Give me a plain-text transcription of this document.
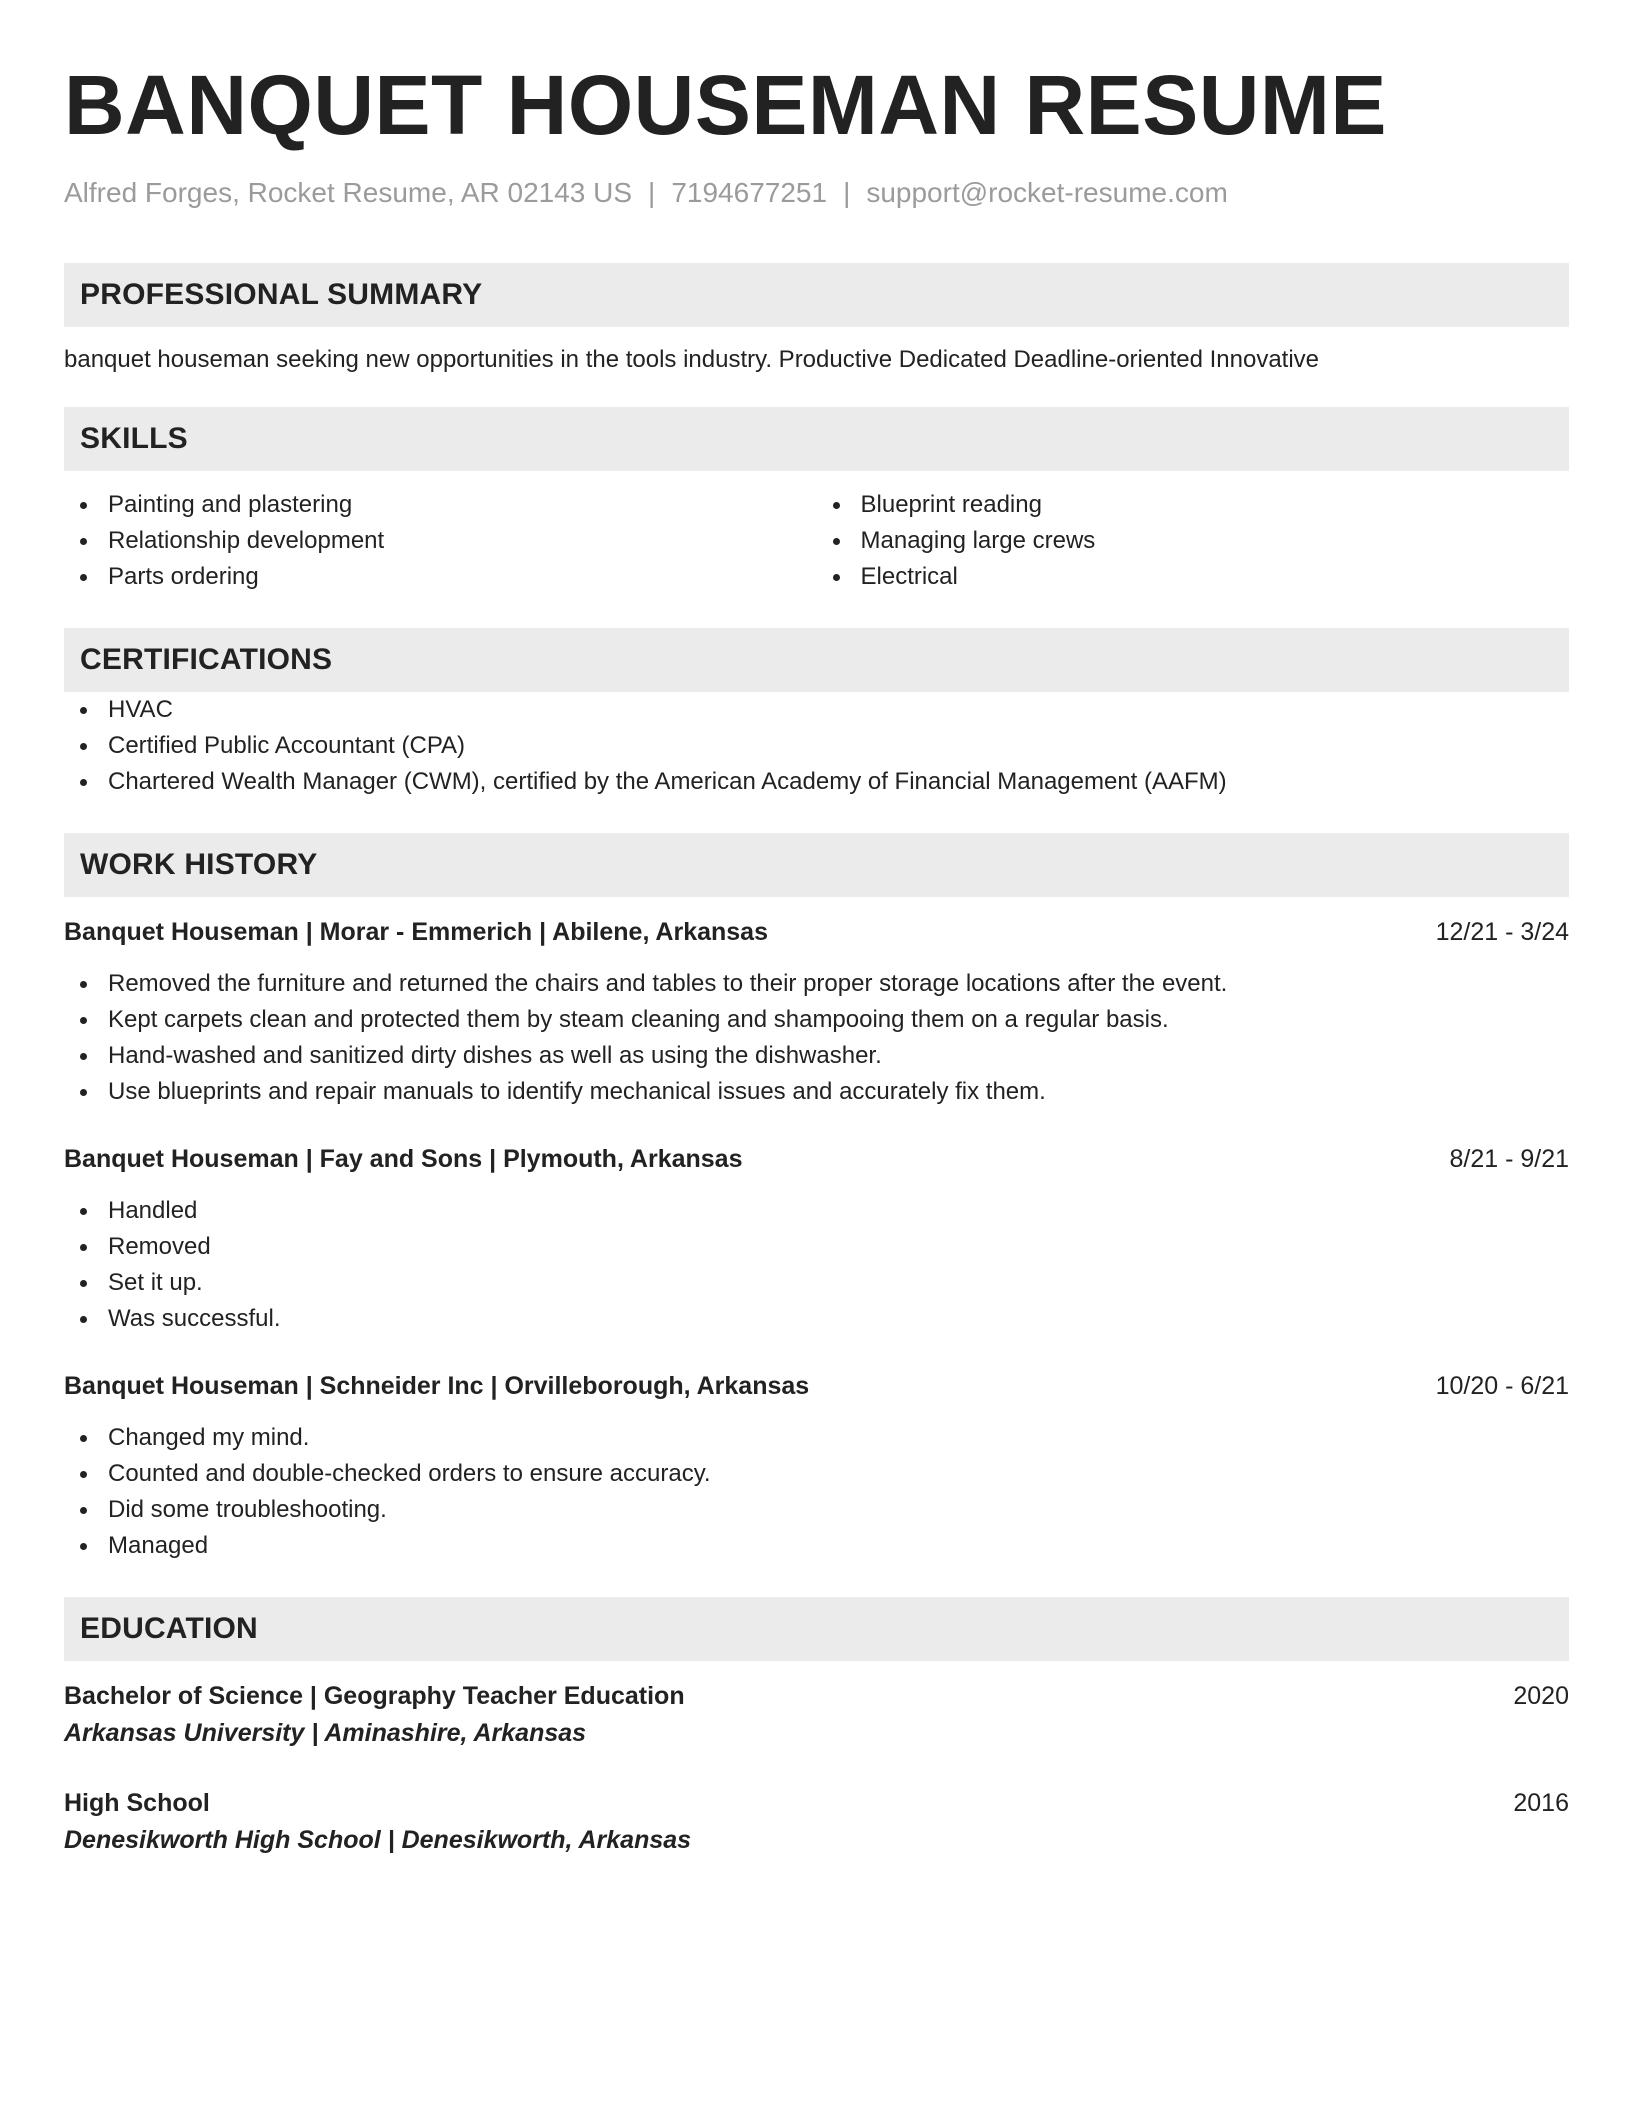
BANQUET HOUSEMAN RESUME
Alfred Forges, Rocket Resume, AR 02143 US | 7194677251 | support@rocket-resume.com
PROFESSIONAL SUMMARY
banquet houseman seeking new opportunities in the tools industry. Productive Dedicated Deadline-oriented Innovative
SKILLS
Painting and plastering
Relationship development
Parts ordering
Blueprint reading
Managing large crews
Electrical
CERTIFICATIONS
HVAC
Certified Public Accountant (CPA)
Chartered Wealth Manager (CWM), certified by the American Academy of Financial Management (AAFM)
WORK HISTORY
Banquet Houseman | Morar - Emmerich | Abilene, Arkansas	12/21 - 3/24
Removed the furniture and returned the chairs and tables to their proper storage locations after the event.
Kept carpets clean and protected them by steam cleaning and shampooing them on a regular basis.
Hand-washed and sanitized dirty dishes as well as using the dishwasher.
Use blueprints and repair manuals to identify mechanical issues and accurately fix them.
Banquet Houseman | Fay and Sons | Plymouth, Arkansas	8/21 - 9/21
Handled
Removed
Set it up.
Was successful.
Banquet Houseman | Schneider Inc | Orvilleborough, Arkansas	10/20 - 6/21
Changed my mind.
Counted and double-checked orders to ensure accuracy.
Did some troubleshooting.
Managed
EDUCATION
Bachelor of Science | Geography Teacher Education	2020
Arkansas University | Aminashire, Arkansas
High School	2016
Denesikworth High School | Denesikworth, Arkansas
